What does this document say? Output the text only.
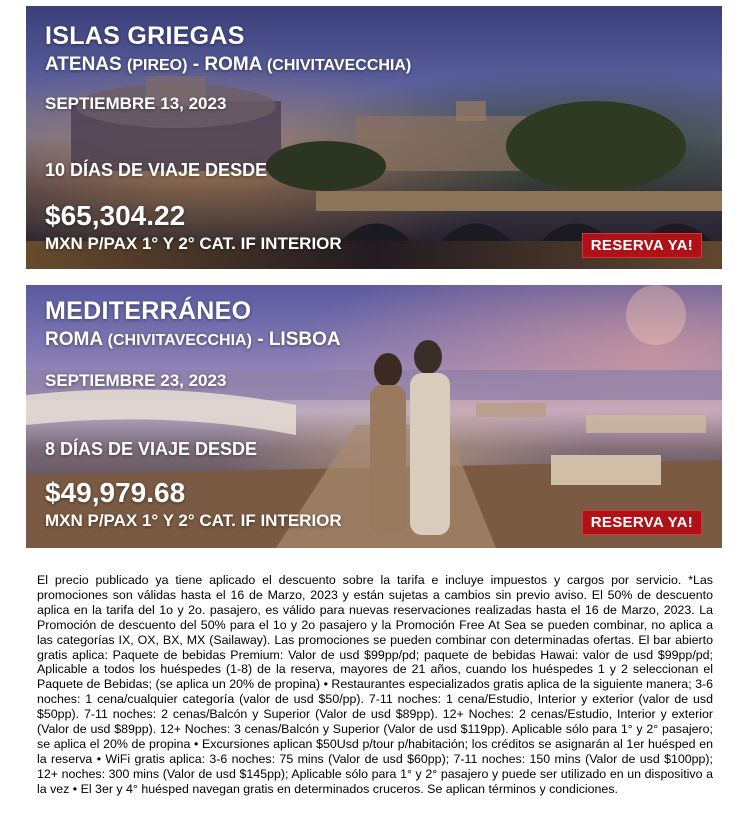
ISLAS GRIEGAS
ATENAS (PIREO) - ROMA (CHIVITAVECCHIA)
SEPTIEMBRE 13, 2023
10 DÍAS DE VIAJE DESDE
$65,304.22
MXN P/PAX 1° Y 2° CAT. IF INTERIOR	RESERVA YA!
MEDITERRÁNEO
ROMA (CHIVITAVECCHIA) - LISBOA
SEPTIEMBRE 23, 2023
8 DÍAS DE VIAJE DESDE
$49,979.68
MXN P/PAX 1° Y 2° CAT. IF INTERIOR	RESERVA YA!

El precio publicado ya tiene aplicado el descuento sobre la tarifa e incluye impuestos y cargos por servicio. *Las promociones son válidas hasta el 16 de Marzo, 2023 y están sujetas a cambios sin previo aviso. El 50% de descuento aplica en la tarifa del 1o y 2o. pasajero, es válido para nuevas reservaciones realizadas hasta el 16 de Marzo, 2023. La Promoción de descuento del 50% para el 1o y 2o pasajero y la Promoción Free At Sea se pueden combinar, no aplica a las categorías IX, OX, BX, MX (Sailaway). Las promociones se pueden combinar con determinadas ofertas. El bar abierto gratis aplica: Paquete de bebidas Premium: Valor de usd $99pp/pd; paquete de bebidas Hawai: valor de usd $99pp/pd; Aplicable a todos los huéspedes (1-8) de la reserva, mayores de 21 años, cuando los huéspedes 1 y 2 seleccionan el Paquete de Bebidas; (se aplica un 20% de propina) • Restaurantes especializados gratis aplica de la siguiente manera; 3-6 noches: 1 cena/cualquier categoría (valor de usd $50/pp). 7-11 noches: 1 cena/Estudio, Interior y exterior (valor de usd $50pp). 7-11 noches: 2 cenas/Balcón y Superior (Valor de usd $89pp). 12+ Noches: 2 cenas/Estudio, Interior y exterior (Valor de usd $89pp). 12+ Noches: 3 cenas/Balcón y Superior (Valor de usd $119pp). Aplicable sólo para 1° y 2° pasajero; se aplica el 20% de propina • Excursiones aplican $50Usd p/tour p/habitación; los créditos se asignarán al 1er huésped en la reserva • WiFi gratis aplica: 3-6 noches: 75 mins (Valor de usd $60pp); 7-11 noches: 150 mins (Valor de usd $100pp); 12+ noches: 300 mins (Valor de usd $145pp); Aplicable sólo para 1° y 2° pasajero y puede ser utilizado en un dispositivo a la vez • El 3er y 4° huésped navegan gratis en determinados cruceros. Se aplican términos y condiciones.
